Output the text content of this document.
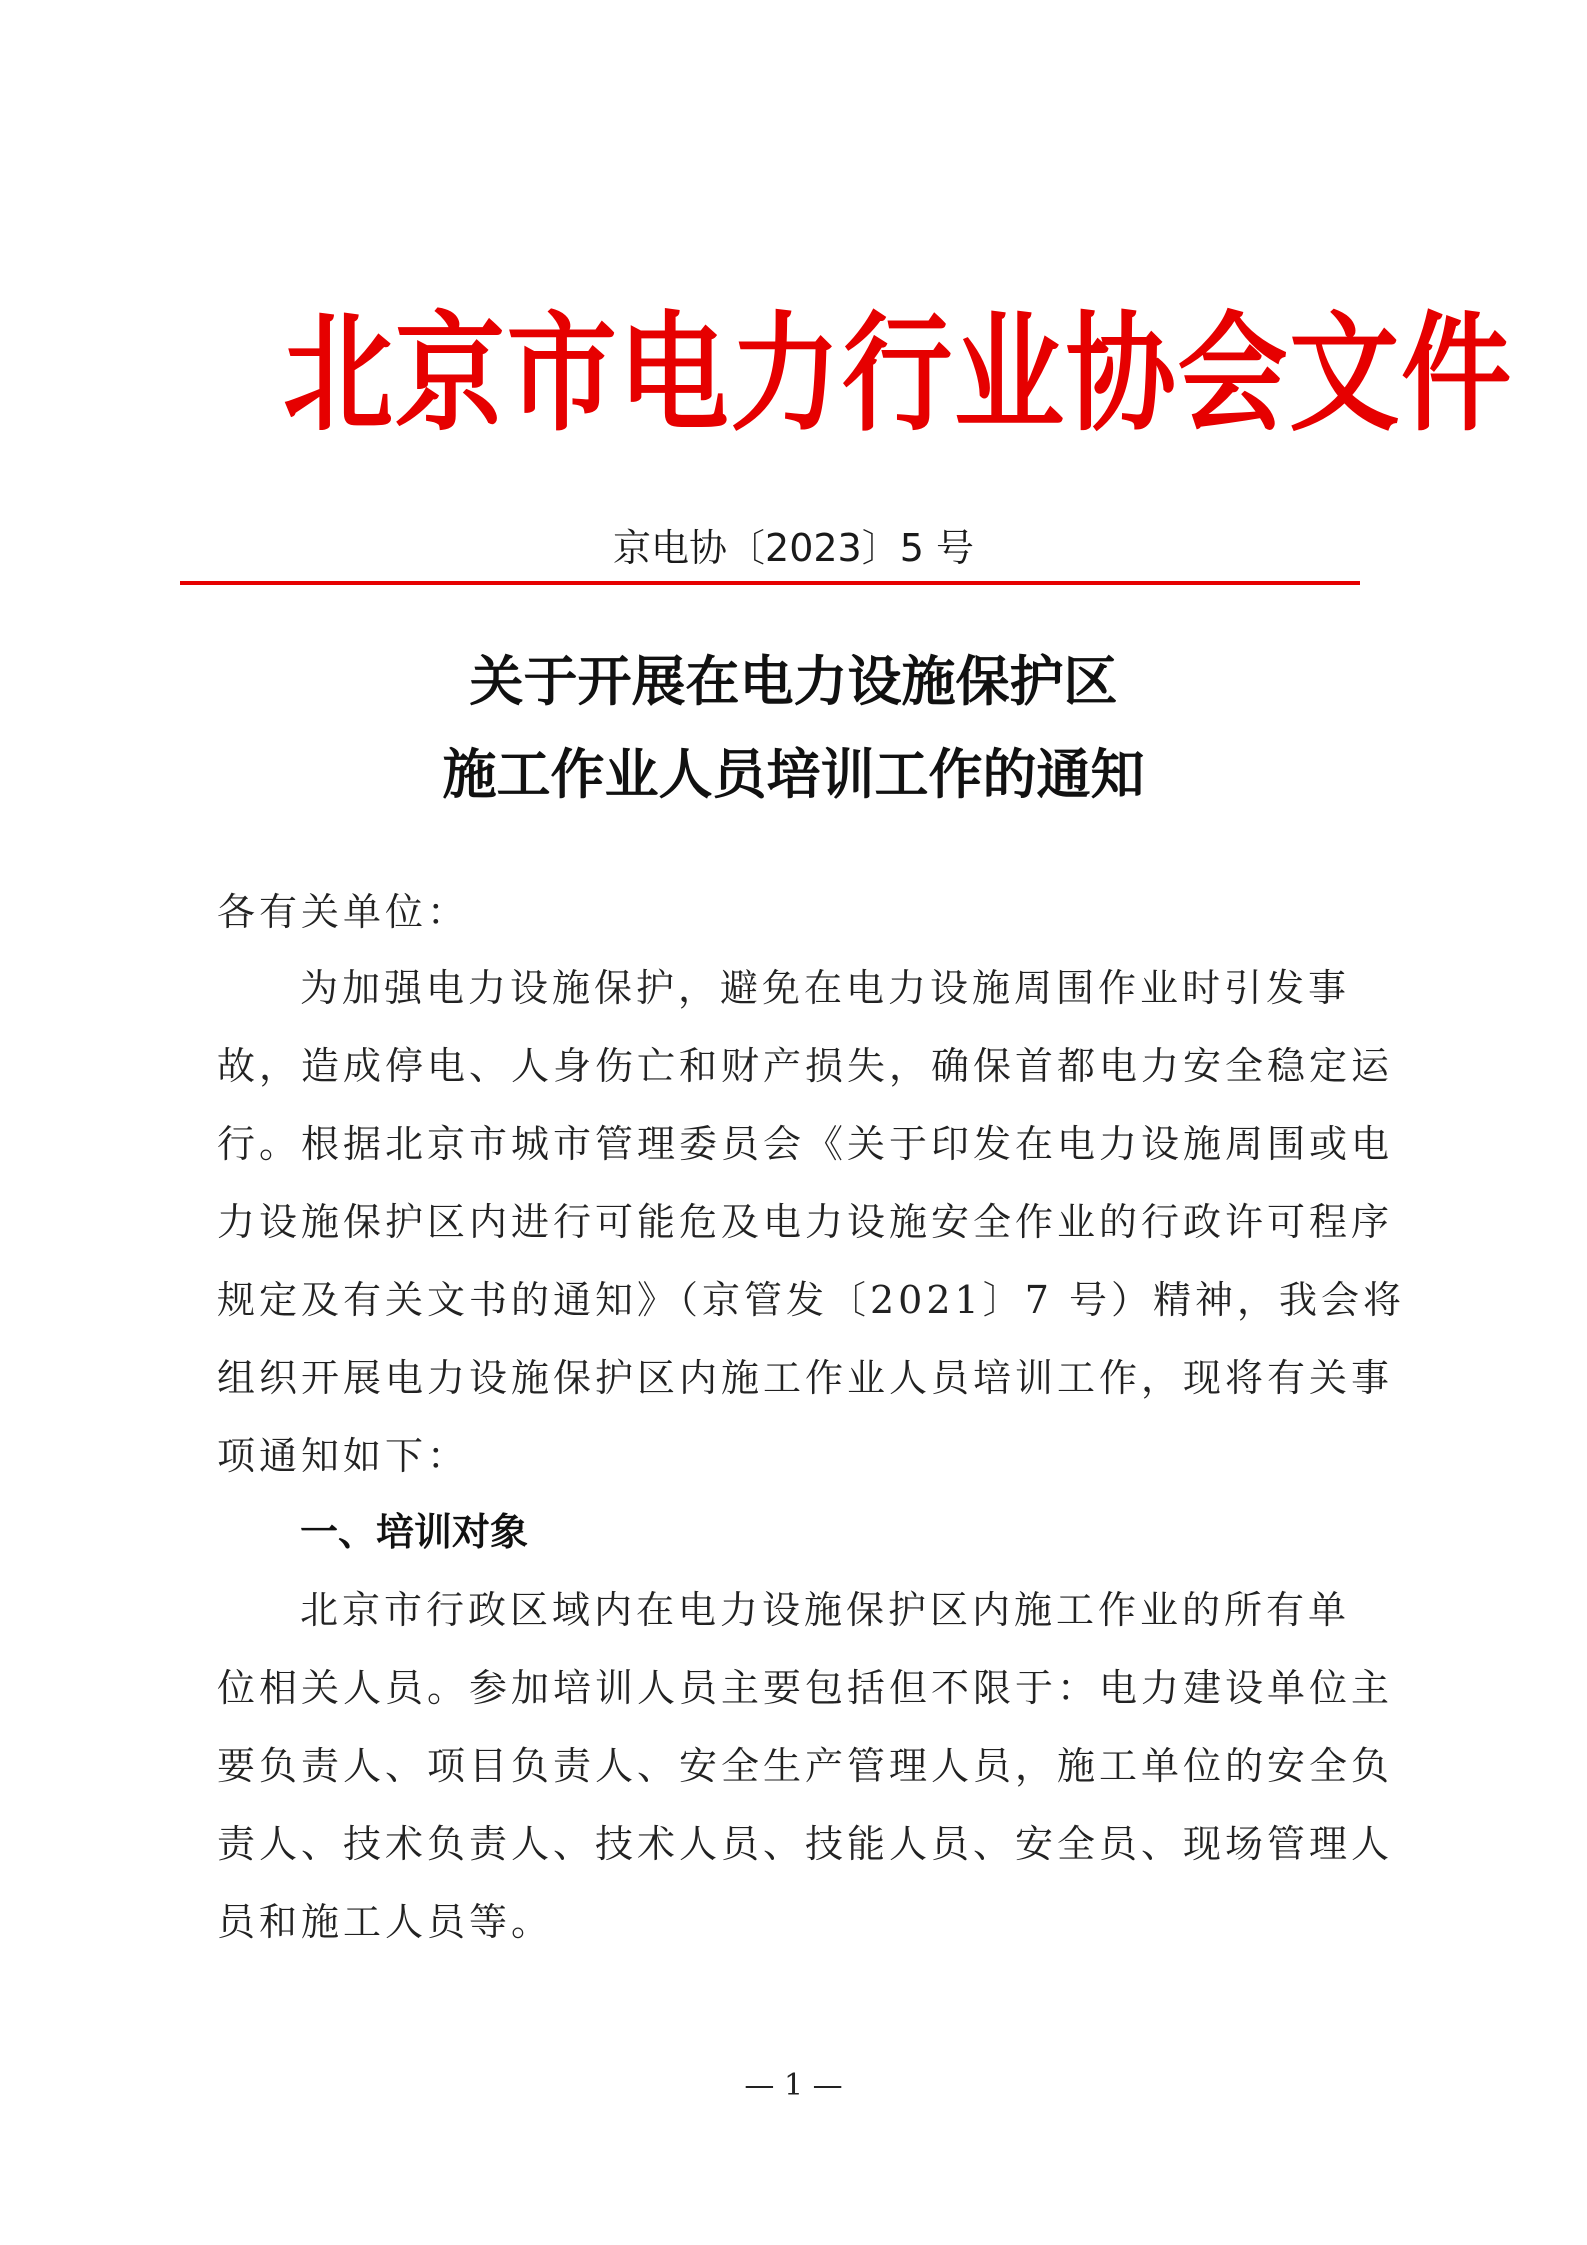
北京市电力行业协会文件
京电协〔2023〕5 号
关于开展在电力设施保护区
施工作业人员培训工作的通知
各有关单位：
为加强电力设施保护，避免在电力设施周围作业时引发事
故，造成停电、人身伤亡和财产损失，确保首都电力安全稳定运
行。根据北京市城市管理委员会《关于印发在电力设施周围或电
力设施保护区内进行可能危及电力设施安全作业的行政许可程序
规定及有关文书的通知》（京管发〔2021〕7 号）精神，我会将
组织开展电力设施保护区内施工作业人员培训工作，现将有关事
项通知如下：
一、培训对象
北京市行政区域内在电力设施保护区内施工作业的所有单
位相关人员。参加培训人员主要包括但不限于：电力建设单位主
要负责人、项目负责人、安全生产管理人员，施工单位的安全负
责人、技术负责人、技术人员、技能人员、安全员、现场管理人
员和施工人员等。
— 1 —
